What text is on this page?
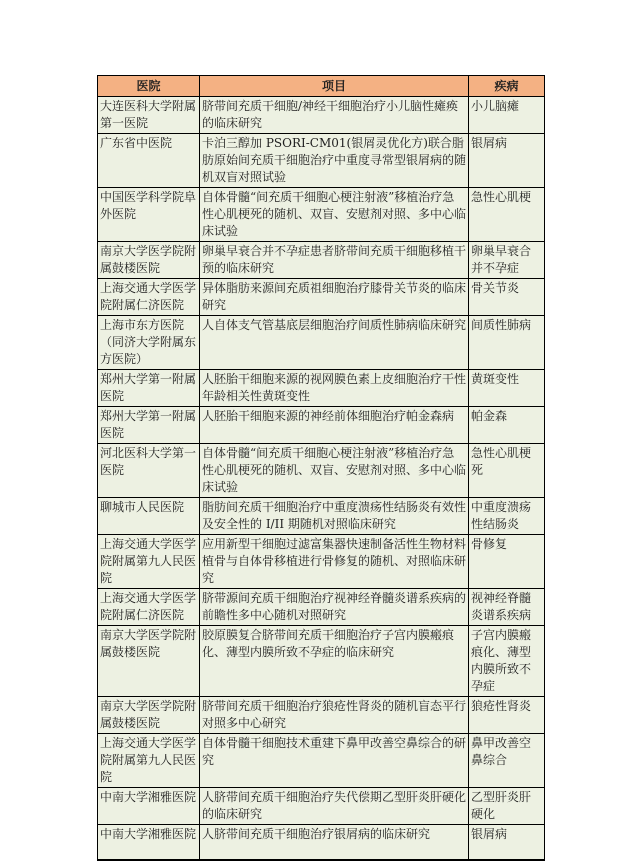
医院	项目	疾病
大连医科大学附属第一医院	脐带间充质干细胞/神经干细胞治疗小儿脑性瘫痪的临床研究	小儿脑瘫
广东省中医院	卡泊三醇加 PSORI-CM01(银屑灵优化方)联合脂肪原始间充质干细胞治疗中重度寻常型银屑病的随机双盲对照试验	银屑病
中国医学科学院阜外医院	自体骨髓“间充质干细胞心梗注射液”移植治疗急性心肌梗死的随机、双盲、安慰剂对照、多中心临床试验	急性心肌梗
南京大学医学院附属鼓楼医院	卵巢早衰合并不孕症患者脐带间充质干细胞移植干预的临床研究	卵巢早衰合并不孕症
上海交通大学医学院附属仁济医院	异体脂肪来源间充质祖细胞治疗膝骨关节炎的临床研究	骨关节炎
上海市东方医院（同济大学附属东方医院）	人自体支气管基底层细胞治疗间质性肺病临床研究	间质性肺病
郑州大学第一附属医院	人胚胎干细胞来源的视网膜色素上皮细胞治疗干性年龄相关性黄斑变性	黄斑变性
郑州大学第一附属医院	人胚胎干细胞来源的神经前体细胞治疗帕金森病	帕金森
河北医科大学第一医院	自体骨髓“间充质干细胞心梗注射液”移植治疗急性心肌梗死的随机、双盲、安慰剂对照、多中心临床试验	急性心肌梗死
聊城市人民医院	脂肪间充质干细胞治疗中重度溃疡性结肠炎有效性及安全性的 I/II 期随机对照临床研究	中重度溃疡性结肠炎
上海交通大学医学院附属第九人民医院	应用新型干细胞过滤富集器快速制备活性生物材料植骨与自体骨移植进行骨修复的随机、对照临床研究	骨修复
上海交通大学医学院附属仁济医院	脐带源间充质干细胞治疗视神经脊髓炎谱系疾病的前瞻性多中心随机对照研究	视神经脊髓炎谱系疾病
南京大学医学院附属鼓楼医院	胶原膜复合脐带间充质干细胞治疗子宫内膜瘢痕化、薄型内膜所致不孕症的临床研究	子宫内膜瘢痕化、薄型内膜所致不孕症
南京大学医学院附属鼓楼医院	脐带间充质干细胞治疗狼疮性肾炎的随机盲态平行对照多中心研究	狼疮性肾炎
上海交通大学医学院附属第九人民医院	自体骨髓干细胞技术重建下鼻甲改善空鼻综合的研究	鼻甲改善空鼻综合
中南大学湘雅医院	人脐带间充质干细胞治疗失代偿期乙型肝炎肝硬化的临床研究	乙型肝炎肝硬化
中南大学湘雅医院	人脐带间充质干细胞治疗银屑病的临床研究	银屑病
